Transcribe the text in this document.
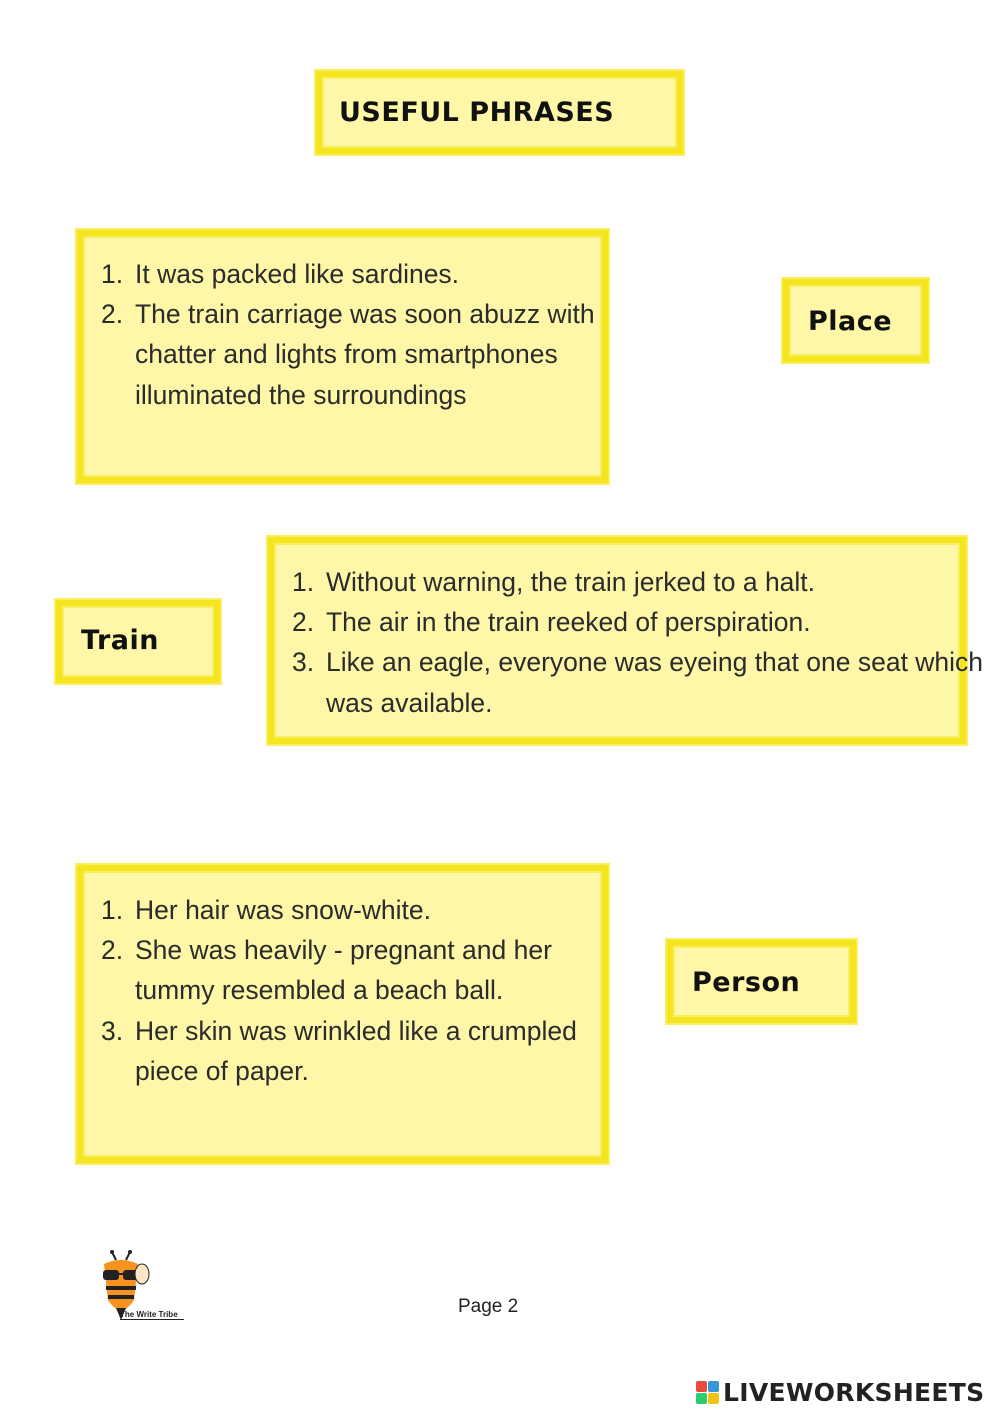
USEFUL PHRASES
It was packed like sardines.
The train carriage was soon abuzz with chatter and lights from smartphones illuminated the surroundings
Place
Train
Without warning, the train jerked to a halt.
The air in the train reeked of perspiration.
Like an eagle, everyone was eyeing that one seat which was available.
Her hair was snow-white.
She was heavily - pregnant and her tummy resembled a beach ball.
Her skin was wrinkled like a crumpled piece of paper.
Person
The Write Tribe	Page 2
LIVEWORKSHEETS
